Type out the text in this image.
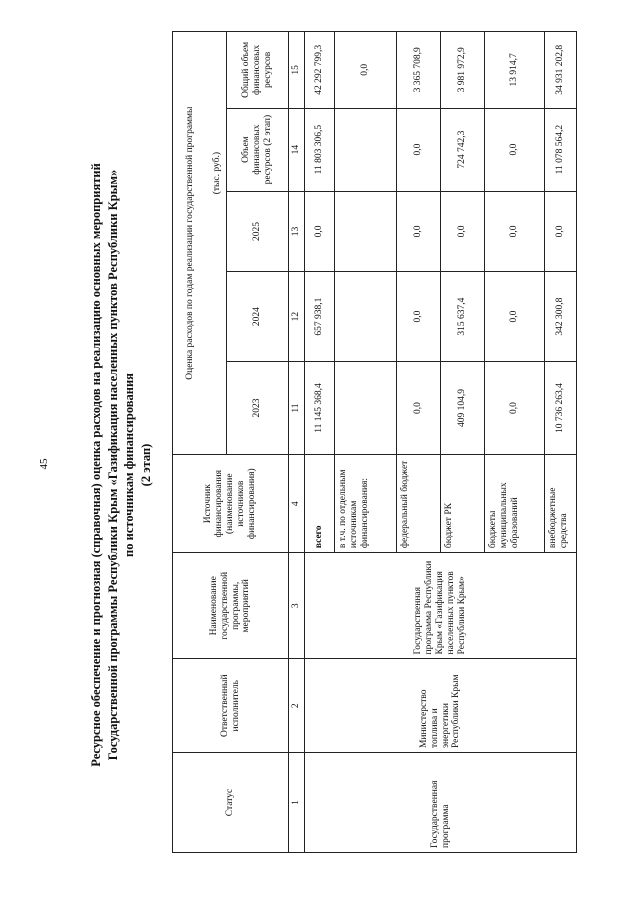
45	Ресурсное обеспечение и прогнозная (справочная) оценка расходов на реализацию основных мероприятий Государственной программы Республики Крым «Газификация населенных пунктов Республики Крым» по источникам финансирования (2 этап)
Статус	Ответственный исполнитель	Наименование государственной программы, мероприятий	Источник финансирования (наименование источников финансирования)	Оценка расходов по годам реализации государственной программы				
				(тыс. руб.)				
				2023	2024	2025	Объем финансовых ресурсов (2 этап)	Общий объем финансовых ресурсов
1	2	3	4	11	12	13	14	15
Государственная программа	Министерство топлива и энергетики Республики Крым	Государственная программа Республики Крым «Газификация населенных пунктов Республики Крым»	всего	11 145 368,4	657 938,1	0,0	11 803 306,5	42 292 799,3
			в т.ч. по отдельным источникам финансирования:					0,0
			федеральный бюджет	0,0	0,0	0,0	0,0	3 365 708,9
			бюджет РК	409 104,9	315 637,4	0,0	724 742,3	3 981 972,9
			бюджеты муниципальных образований	0,0	0,0	0,0	0,0	13 914,7
			внебюджетные средства	10 736 263,4	342 300,8	0,0	11 078 564,2	34 931 202,8
